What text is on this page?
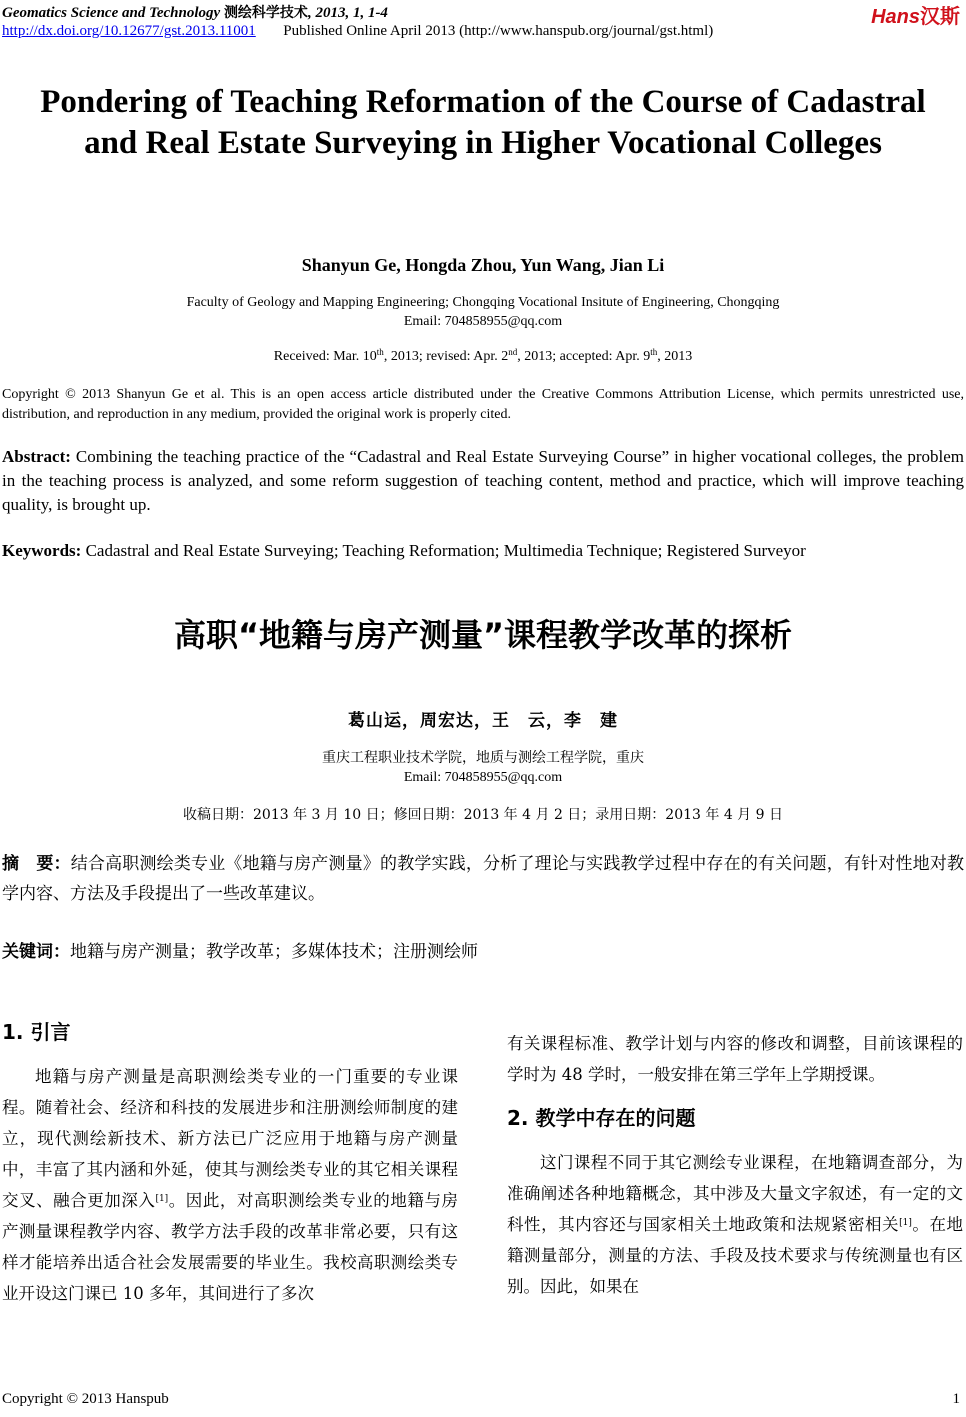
Geomatics Science and Technology 测绘科学技术, 2013, 1, 1-4
http://dx.doi.org/10.12677/gst.2013.11001 Published Online April 2013 (http://www.hanspub.org/journal/gst.html)
Hans汉斯
Pondering of Teaching Reformation of the Course of Cadastral and Real Estate Surveying in Higher Vocational Colleges
Shanyun Ge, Hongda Zhou, Yun Wang, Jian Li
Faculty of Geology and Mapping Engineering; Chongqing Vocational Insitute of Engineering, Chongqing
Email: 704858955@qq.com
Received: Mar. 10th, 2013; revised: Apr. 2nd, 2013; accepted: Apr. 9th, 2013
Copyright © 2013 Shanyun Ge et al. This is an open access article distributed under the Creative Commons Attribution License, which permits unrestricted use, distribution, and reproduction in any medium, provided the original work is properly cited.
Abstract: Combining the teaching practice of the “Cadastral and Real Estate Surveying Course” in higher vocational colleges, the problem in the teaching process is analyzed, and some reform suggestion of teaching content, method and practice, which will improve teaching quality, is brought up.
Keywords: Cadastral and Real Estate Surveying; Teaching Reformation; Multimedia Technique; Registered Surveyor
高职“地籍与房产测量”课程教学改革的探析
葛山运，周宏达，王　云，李　建
重庆工程职业技术学院，地质与测绘工程学院，重庆
Email: 704858955@qq.com
收稿日期：2013 年 3 月 10 日；修回日期：2013 年 4 月 2 日；录用日期：2013 年 4 月 9 日
摘　要：结合高职测绘类专业《地籍与房产测量》的教学实践，分析了理论与实践教学过程中存在的有关问题，有针对性地对教学内容、方法及手段提出了一些改革建议。
关键词：地籍与房产测量；教学改革；多媒体技术；注册测绘师
1. 引言

地籍与房产测量是高职测绘类专业的一门重要的专业课程。随着社会、经济和科技的发展进步和注册测绘师制度的建立，现代测绘新技术、新方法已广泛应用于地籍与房产测量中，丰富了其内涵和外延，使其与测绘类专业的其它相关课程交叉、融合更加深入[1]。因此，对高职测绘类专业的地籍与房产测量课程教学内容、教学方法手段的改革非常必要，只有这样才能培养出适合社会发展需要的毕业生。我校高职测绘类专业开设这门课已 10 多年，其间进行了多次

有关课程标准、教学计划与内容的修改和调整，目前该课程的学时为 48 学时，一般安排在第三学年上学期授课。

2. 教学中存在的问题

这门课程不同于其它测绘专业课程，在地籍调查部分，为准确阐述各种地籍概念，其中涉及大量文字叙述，有一定的文科性，其内容还与国家相关土地政策和法规紧密相关[1]。在地籍测量部分，测量的方法、手段及技术要求与传统测量也有区别。因此，如果在

Copyright © 2013 Hanspub	1
